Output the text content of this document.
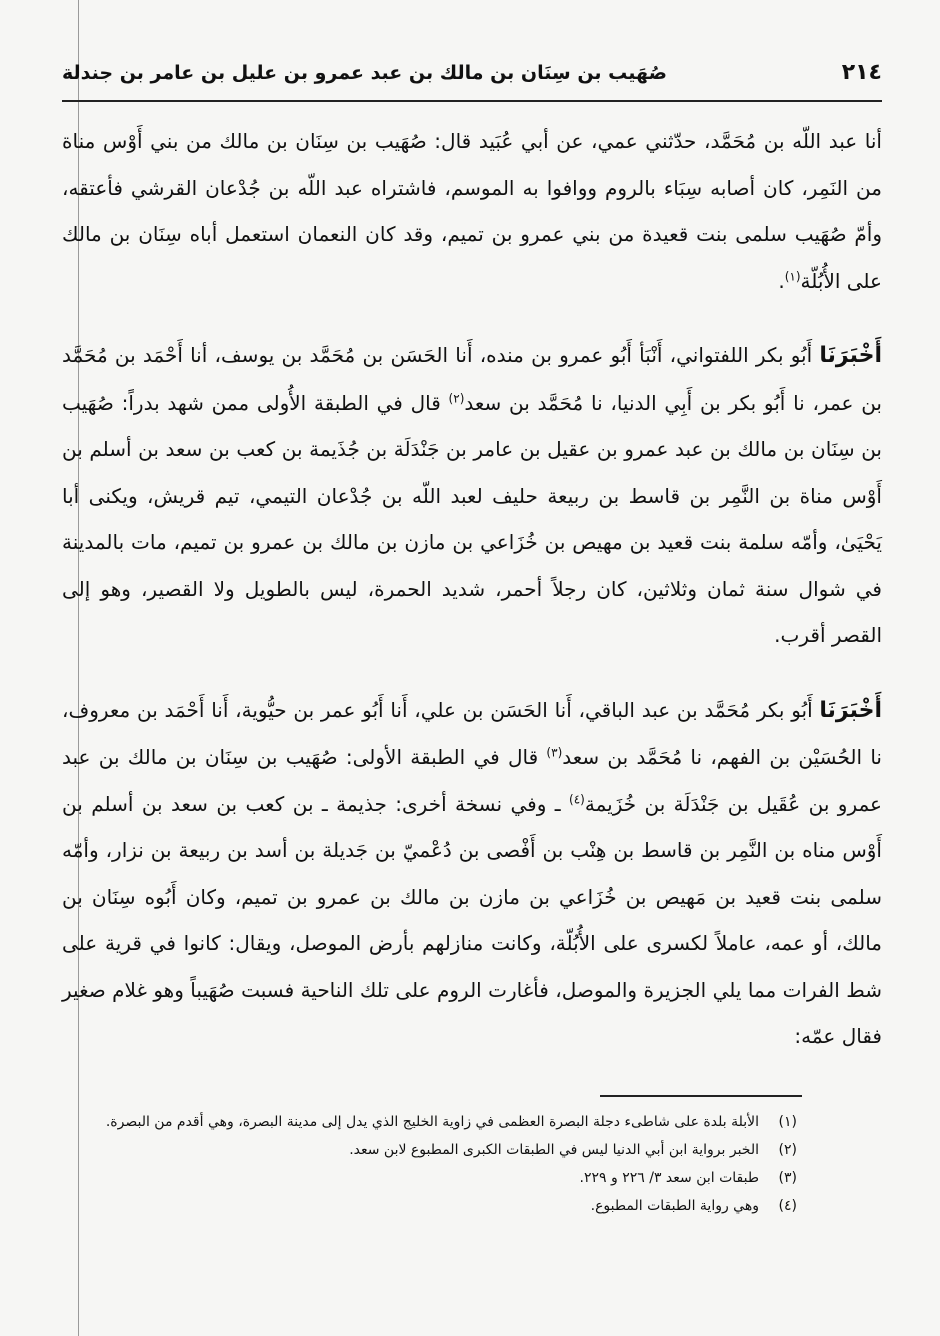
٢١٤
صُهَيب بن سِنَان بن مالك بن عبد عمرو بن عليل بن عامر بن جندلة

أنا عبد اللّه بن مُحَمَّد، حدّثني عمي، عن أبي عُبَيد قال: صُهَيب بن سِنَان بن مالك من بني أَوْس مناة من النَمِر، كان أصابه سِبَاء بالروم ووافوا به الموسم، فاشتراه عبد اللّه بن جُدْعان القرشي فأعتقه، وأمّ صُهَيب سلمى بنت قعيدة من بني عمرو بن تميم، وقد كان النعمان استعمل أباه سِنَان بن مالك على الأُبُلّة$^{(١)}$.

أَخْبَرَنَا أَبُو بكر اللفتواني، أَنْبَأ أَبُو عمرو بن منده، أَنا الحَسَن بن مُحَمَّد بن يوسف، أنا أَحْمَد بن مُحَمَّد بن عمر، نا أَبُو بكر بن أَبِي الدنيا، نا مُحَمَّد بن سعد$^{(٢)}$ قال في الطبقة الأُولى ممن شهد بدراً: صُهَيب بن سِنَان بن مالك بن عبد عمرو بن عقيل بن عامر بن جَنْدَلَة بن جُذَيمة بن كعب بن سعد بن أسلم بن أَوْس مناة بن النَّمِر بن قاسط بن ربيعة حليف لعبد اللّه بن جُدْعان التيمي، تيم قريش، ويكنى أبا يَحْيَىٰ، وأمّه سلمة بنت قعيد بن مهيص بن خُزَاعي بن مازن بن مالك بن عمرو بن تميم، مات بالمدينة في شوال سنة ثمان وثلاثين، كان رجلاً أحمر، شديد الحمرة، ليس بالطويل ولا القصير، وهو إلى القصر أقرب.

أَخْبَرَنَا أَبُو بكر مُحَمَّد بن عبد الباقي، أَنا الحَسَن بن علي، أَنا أَبُو عمر بن حيُّوية، أَنا أَحْمَد بن معروف، نا الحُسَيْن بن الفهم، نا مُحَمَّد بن سعد$^{(٣)}$ قال في الطبقة الأولى: صُهَيب بن سِنَان بن مالك بن عبد عمرو بن عُقَيل بن جَنْدَلَة بن خُزَيمة$^{(٤)}$ ـ وفي نسخة أخرى: جذيمة ـ بن كعب بن سعد بن أسلم بن أَوْس مناه بن النَّمِر بن قاسط بن هِنْب بن أَفْصى بن دُعْميّ بن جَديلة بن أسد بن ربيعة بن نزار، وأمّه سلمى بنت قعيد بن مَهيص بن خُزَاعي بن مازن بن مالك بن عمرو بن تميم، وكان أَبُوه سِنَان بن مالك، أو عمه، عاملاً لكسرى على الأُبُلّة، وكانت منازلهم بأرض الموصل، ويقال: كانوا في قرية على شط الفرات مما يلي الجزيرة والموصل، فأغارت الروم على تلك الناحية فسبت صُهَيباً وهو غلام صغير فقال عمّه:

(١)
الأبلة بلدة على شاطىء دجلة البصرة العظمى في زاوية الخليج الذي يدل إلى مدينة البصرة، وهي أقدم من البصرة.
(٢)
الخبر برواية ابن أبي الدنيا ليس في الطبقات الكبرى المطبوع لابن سعد.
(٣)
طبقات ابن سعد ٣/ ٢٢٦ و ٢٢٩.
(٤)
وهي رواية الطبقات المطبوع.
